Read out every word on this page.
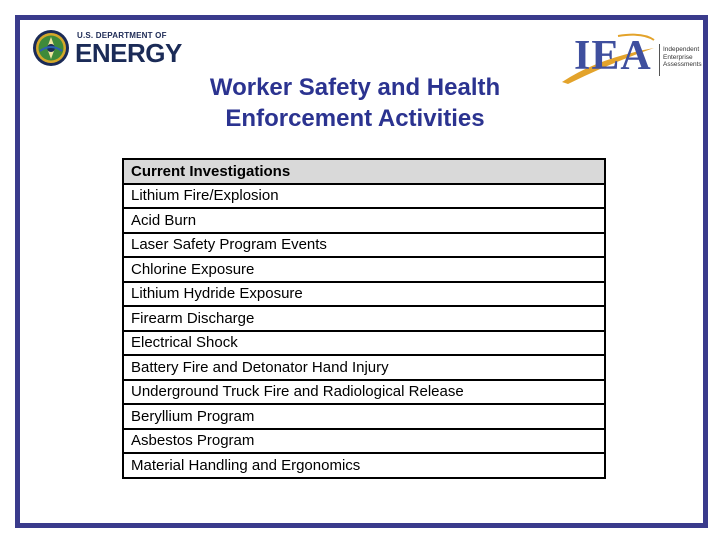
U.S. DEPARTMENT OF
ENERGY	IEA Independent
Enterprise
Assessments
Worker Safety and Health
Enforcement Activities
Current Investigations
Lithium Fire/Explosion
Acid Burn
Laser Safety Program Events
Chlorine Exposure
Lithium Hydride Exposure
Firearm Discharge
Electrical Shock
Battery Fire and Detonator Hand Injury
Underground Truck Fire and Radiological Release
Beryllium Program
Asbestos Program
Material Handling and Ergonomics
